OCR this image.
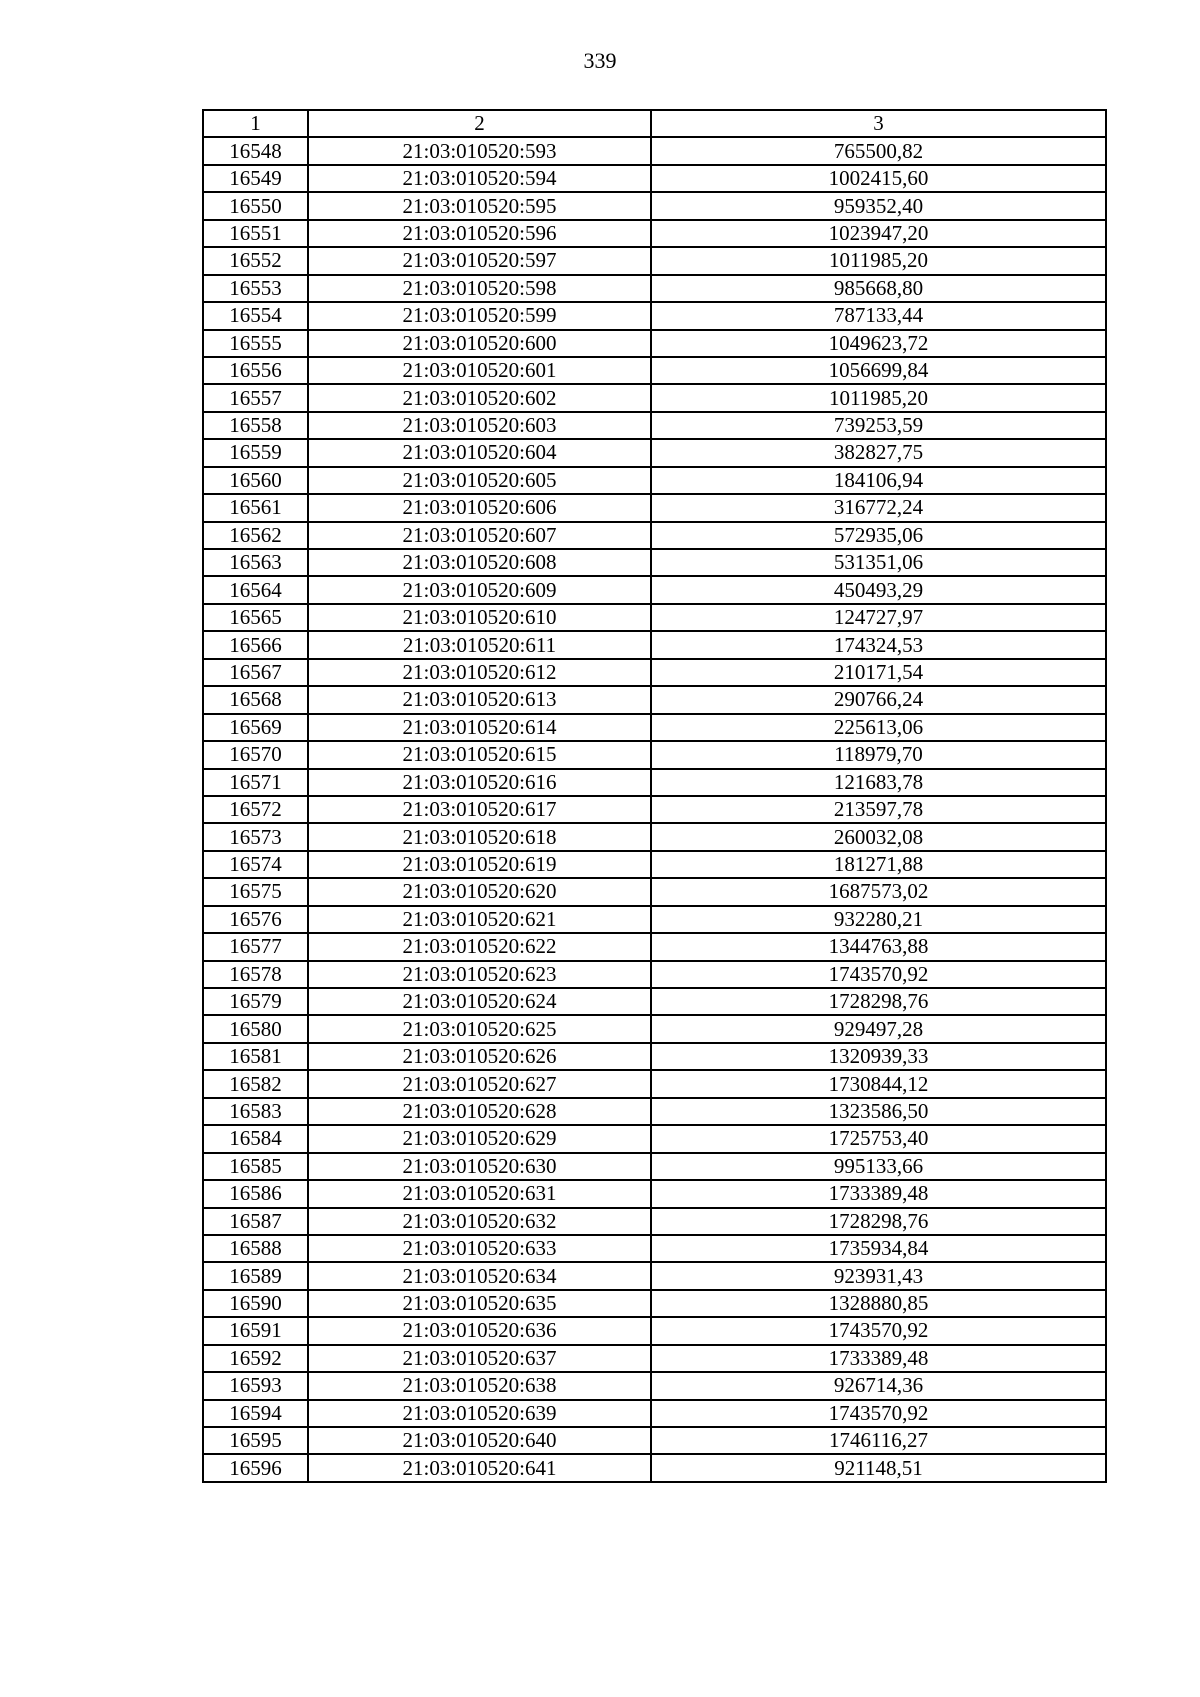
339
1	2	3
16548	21:03:010520:593	765500,82
16549	21:03:010520:594	1002415,60
16550	21:03:010520:595	959352,40
16551	21:03:010520:596	1023947,20
16552	21:03:010520:597	1011985,20
16553	21:03:010520:598	985668,80
16554	21:03:010520:599	787133,44
16555	21:03:010520:600	1049623,72
16556	21:03:010520:601	1056699,84
16557	21:03:010520:602	1011985,20
16558	21:03:010520:603	739253,59
16559	21:03:010520:604	382827,75
16560	21:03:010520:605	184106,94
16561	21:03:010520:606	316772,24
16562	21:03:010520:607	572935,06
16563	21:03:010520:608	531351,06
16564	21:03:010520:609	450493,29
16565	21:03:010520:610	124727,97
16566	21:03:010520:611	174324,53
16567	21:03:010520:612	210171,54
16568	21:03:010520:613	290766,24
16569	21:03:010520:614	225613,06
16570	21:03:010520:615	118979,70
16571	21:03:010520:616	121683,78
16572	21:03:010520:617	213597,78
16573	21:03:010520:618	260032,08
16574	21:03:010520:619	181271,88
16575	21:03:010520:620	1687573,02
16576	21:03:010520:621	932280,21
16577	21:03:010520:622	1344763,88
16578	21:03:010520:623	1743570,92
16579	21:03:010520:624	1728298,76
16580	21:03:010520:625	929497,28
16581	21:03:010520:626	1320939,33
16582	21:03:010520:627	1730844,12
16583	21:03:010520:628	1323586,50
16584	21:03:010520:629	1725753,40
16585	21:03:010520:630	995133,66
16586	21:03:010520:631	1733389,48
16587	21:03:010520:632	1728298,76
16588	21:03:010520:633	1735934,84
16589	21:03:010520:634	923931,43
16590	21:03:010520:635	1328880,85
16591	21:03:010520:636	1743570,92
16592	21:03:010520:637	1733389,48
16593	21:03:010520:638	926714,36
16594	21:03:010520:639	1743570,92
16595	21:03:010520:640	1746116,27
16596	21:03:010520:641	921148,51
